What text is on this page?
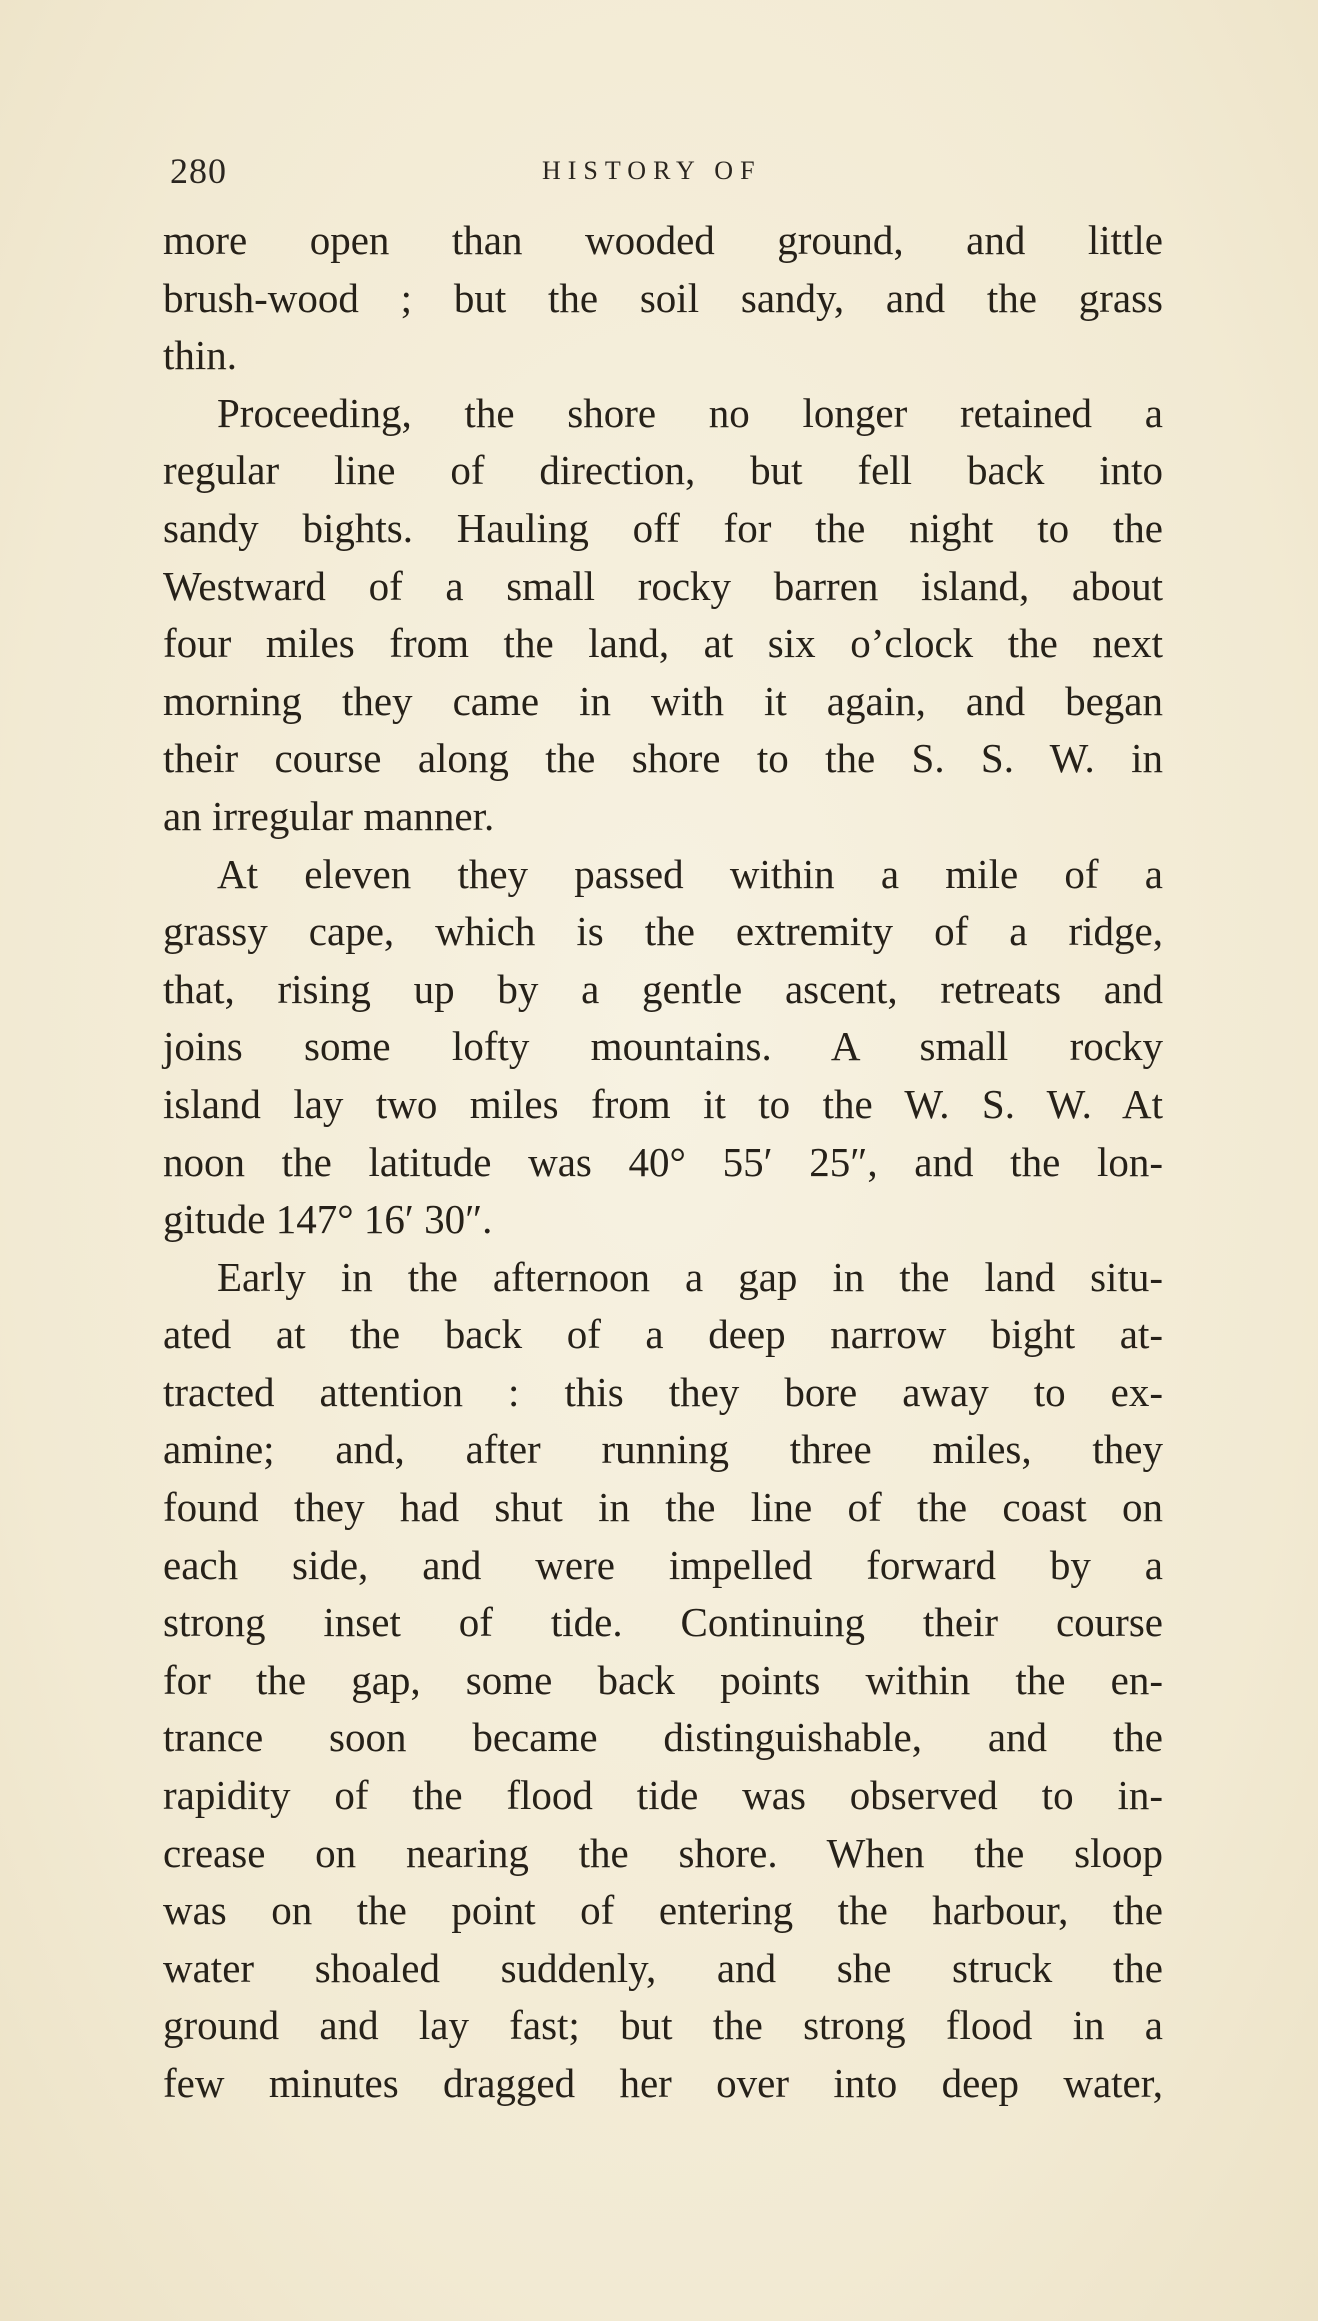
280	HISTORY OF
more open than wooded ground, and little
brush-wood ; but the soil sandy, and the grass
thin.
Proceeding, the shore no longer retained a
regular line of direction, but fell back into
sandy bights. Hauling off for the night to the
Westward of a small rocky barren island, about
four miles from the land, at six o’clock the next
morning they came in with it again, and began
their course along the shore to the S. S. W. in
an irregular manner.
At eleven they passed within a mile of a
grassy cape, which is the extremity of a ridge,
that, rising up by a gentle ascent, retreats and
joins some lofty mountains. A small rocky
island lay two miles from it to the W. S. W. At
noon the latitude was 40° 55′ 25″, and the lon-
gitude 147° 16′ 30″.
Early in the afternoon a gap in the land situ-
ated at the back of a deep narrow bight at-
tracted attention : this they bore away to ex-
amine; and, after running three miles, they
found they had shut in the line of the coast on
each side, and were impelled forward by a
strong inset of tide. Continuing their course
for the gap, some back points within the en-
trance soon became distinguishable, and the
rapidity of the flood tide was observed to in-
crease on nearing the shore. When the sloop
was on the point of entering the harbour, the
water shoaled suddenly, and she struck the
ground and lay fast; but the strong flood in a
few minutes dragged her over into deep water,
